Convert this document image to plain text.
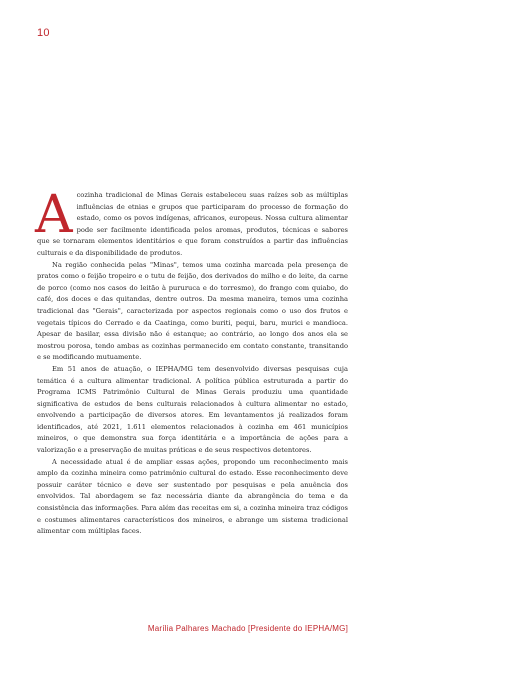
10

A cozinha tradicional de Minas Gerais estabeleceu suas raízes sob as múltiplas influências de etnias e grupos que participaram do processo de formação do estado, como os povos indígenas, africanos, europeus. Nossa cultura alimentar pode ser facilmente identificada pelos aromas, produtos, técnicas e sabores que se tornaram elementos identitários e que foram construídos a partir das influências culturais e da disponibilidade de produtos.

Na região conhecida pelas "Minas", temos uma cozinha marcada pela presença de pratos como o feijão tropeiro e o tutu de feijão, dos derivados do milho e do leite, da carne de porco (como nos casos do leitão à pururuca e do torresmo), do frango com quiabo, do café, dos doces e das quitandas, dentre outros. Da mesma maneira, temos uma cozinha tradicional das "Gerais", caracterizada por aspectos regionais como o uso dos frutos e vegetais típicos do Cerrado e da Caatinga, como buriti, pequi, baru, murici e mandioca. Apesar de basilar, essa divisão não é estanque; ao contrário, ao longo dos anos ela se mostrou porosa, tendo ambas as cozinhas permanecido em contato constante, transitando e se modificando mutuamente.

Em 51 anos de atuação, o IEPHA/MG tem desenvolvido diversas pesquisas cuja temática é a cultura alimentar tradicional. A política pública estruturada a partir do Programa ICMS Patrimônio Cultural de Minas Gerais produziu uma quantidade significativa de estudos de bens culturais relacionados à cultura alimentar no estado, envolvendo a participação de diversos atores. Em levantamentos já realizados foram identificados, até 2021, 1.611 elementos relacionados à cozinha em 461 municípios mineiros, o que demonstra sua força identitária e a importância de ações para a valorização e a preservação de muitas práticas e de seus respectivos detentores.

A necessidade atual é de ampliar essas ações, propondo um reconhecimento mais amplo da cozinha mineira como patrimônio cultural do estado. Esse reconhecimento deve possuir caráter técnico e deve ser sustentado por pesquisas e pela anuência dos envolvidos. Tal abordagem se faz necessária diante da abrangência do tema e da consistência das informações. Para além das receitas em si, a cozinha mineira traz códigos e costumes alimentares característicos dos mineiros, e abrange um sistema tradicional alimentar com múltiplas faces.

Marília Palhares Machado [Presidente do IEPHA/MG]
